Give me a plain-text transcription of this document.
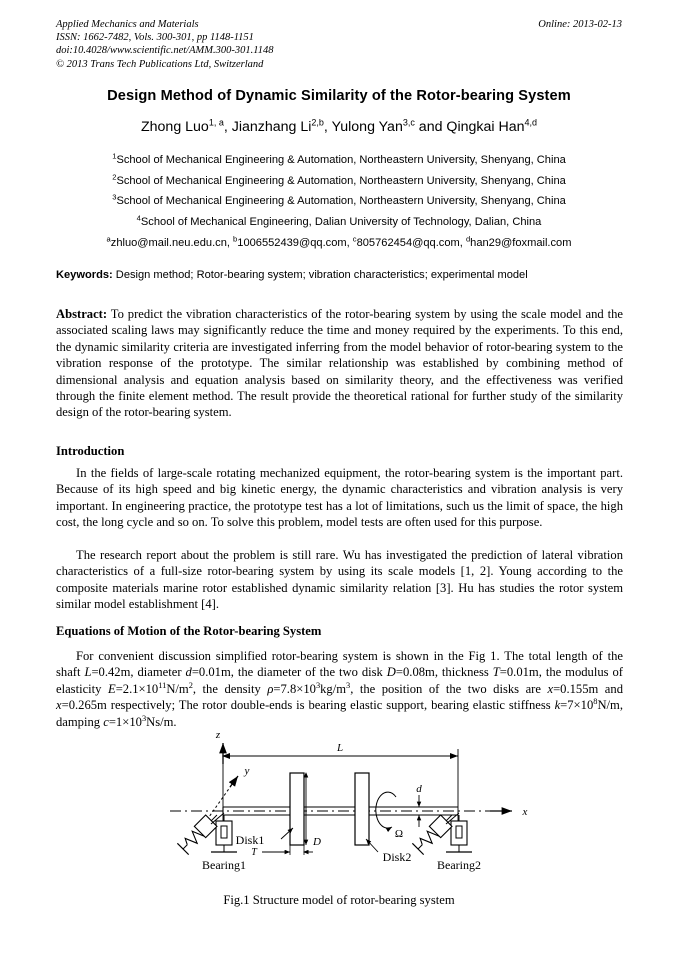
Applied Mechanics and Materials	Online: 2013-02-13
ISSN: 1662-7482, Vols. 300-301, pp 1148-1151
doi:10.4028/www.scientific.net/AMM.300-301.1148
© 2013 Trans Tech Publications Ltd, Switzerland
Design Method of Dynamic Similarity of the Rotor-bearing System
Zhong Luo$^{1, a}$, Jianzhang Li$^{2,b}$, Yulong Yan$^{3,c}$ and Qingkai Han$^{4,d}$
$^1$School of Mechanical Engineering & Automation, Northeastern University, Shenyang, China
$^2$School of Mechanical Engineering & Automation, Northeastern University, Shenyang, China
$^3$School of Mechanical Engineering & Automation, Northeastern University, Shenyang, China
$^4$School of Mechanical Engineering, Dalian University of Technology, Dalian, China
$^a$zhluo@mail.neu.edu.cn, $^b$1006552439@qq.com, $^c$805762454@qq.com, $^d$han29@foxmail.com
Keywords: Design method; Rotor-bearing system; vibration characteristics; experimental model
Abstract: To predict the vibration characteristics of the rotor-bearing system by using the scale model and the associated scaling laws may significantly reduce the time and money required by the experiments. To this end, the dynamic similarity criteria are investigated inferring from the model behavior of rotor-bearing system to the vibration response of the prototype. The similar relationship was established by combining method of dimensional analysis and equation analysis based on similarity theory, and the effectiveness was verified through the finite element method. The result provide the theoretical rational for further study of the similarity design of the rotor-bearing system.
Introduction
In the fields of large-scale rotating mechanized equipment, the rotor-bearing system is the important part. Because of its high speed and big kinetic energy, the dynamic characteristics and vibration analysis is very important. In engineering practice, the prototype test has a lot of limitations, such us the limit of space, the high cost, the long cycle and so on. To solve this problem, model tests are often used for this purpose.
The research report about the problem is still rare. Wu has investigated the prediction of lateral vibration characteristics of a full-size rotor-bearing system by using its scale models [1, 2]. Young according to the composite materials marine rotor established dynamic similarity relation [3]. Hu has studies the rotor system similar model establishment [4].
Equations of Motion of the Rotor-bearing System
For convenient discussion simplified rotor-bearing system is shown in the Fig 1. The total length of the shaft L=0.42m, diameter d=0.01m, the diameter of the two disk D=0.08m, thickness T=0.01m, the modulus of elasticity $E=2.1\times 10^{11}N/m^2$, the density $\rho=7.8\times 10^3kg/m^3$, the position of the two disks are x=0.155m and x=0.265m respectively; The rotor double-ends is bearing elastic support, bearing elastic stiffness $k=7\times 10^8N/m$, damping $c=1\times 10^3Ns/m$.
z
L
y
x
D
T
d
Ω
Disk1
Disk2
Bearing1	Bearing2
Fig.1 Structure model of rotor-bearing system
